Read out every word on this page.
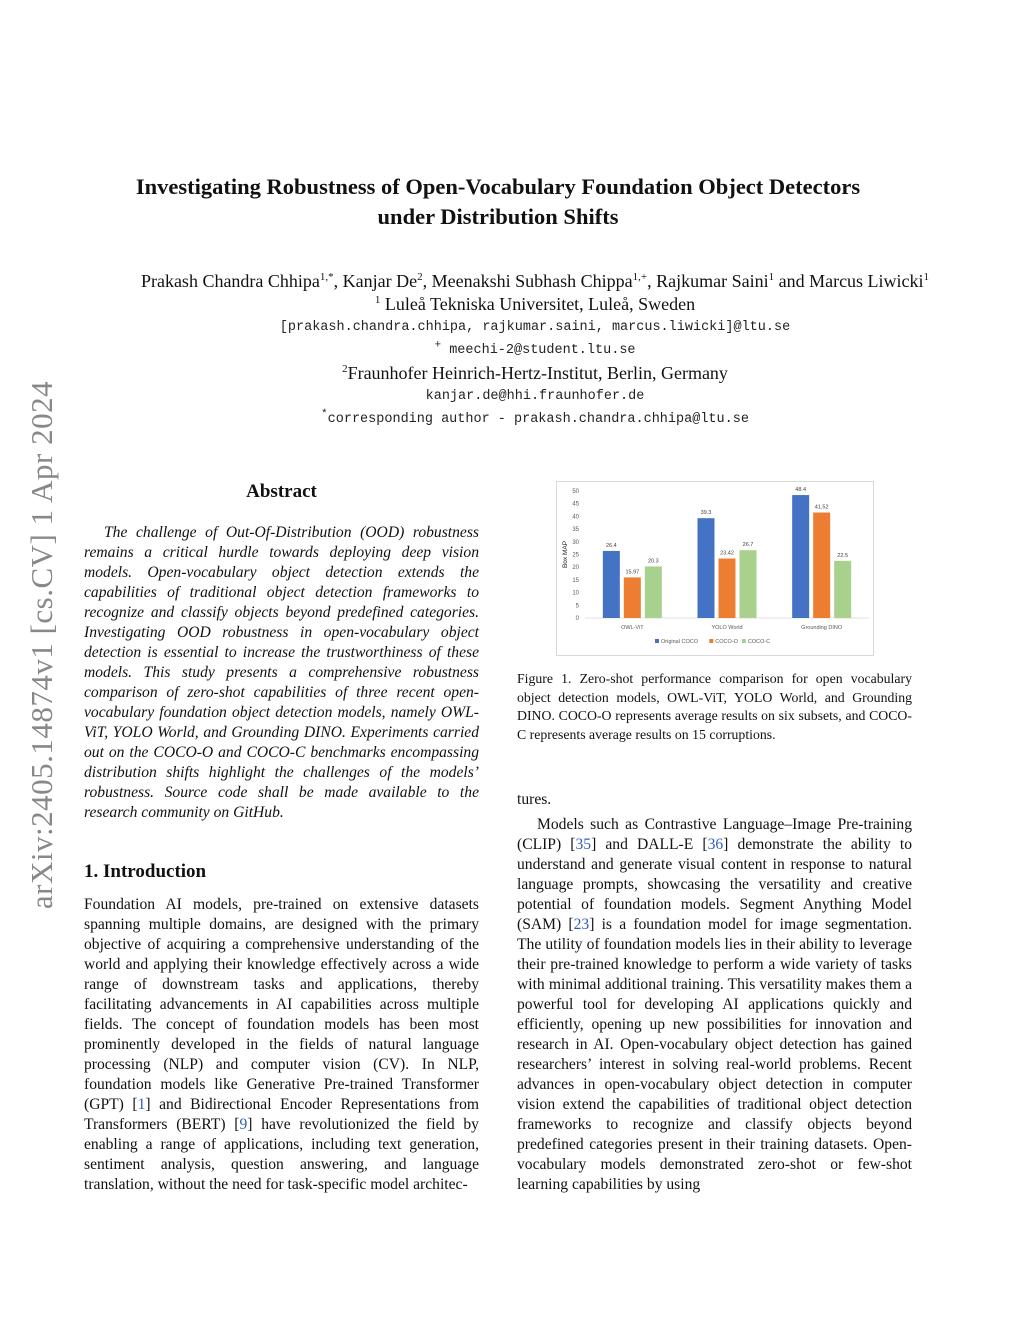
arXiv:2405.14874v1 [cs.CV] 1 Apr 2024
Investigating Robustness of Open-Vocabulary Foundation Object Detectors
under Distribution Shifts
Prakash Chandra Chhipa$^{1,*}$, Kanjar De$^2$, Meenakshi Subhash Chippa$^{1,+}$, Rajkumar Saini$^1$ and Marcus Liwicki$^1$
$^1$ Luleå Tekniska Universitet, Luleå, Sweden
[prakash.chandra.chhipa, rajkumar.saini, marcus.liwicki]@ltu.se
+ meechi-2@student.ltu.se
$^2$Fraunhofer Heinrich-Hertz-Institut, Berlin, Germany
kanjar.de@hhi.fraunhofer.de
*corresponding author - prakash.chandra.chhipa@ltu.se
Abstract
The challenge of Out-Of-Distribution (OOD) robustness remains a critical hurdle towards deploying deep vision models. Open-vocabulary object detection extends the capabilities of traditional object detection frameworks to recognize and classify objects beyond predefined categories. Investigating OOD robustness in open-vocabulary object detection is essential to increase the trustworthiness of these models. This study presents a comprehensive robustness comparison of zero-shot capabilities of three recent open-vocabulary foundation object detection models, namely OWL-ViT, YOLO World, and Grounding DINO. Experiments carried out on the COCO-O and COCO-C benchmarks encompassing distribution shifts highlight the challenges of the models’ robustness. Source code shall be made available to the research community on GitHub.
1. Introduction
Foundation AI models, pre-trained on extensive datasets spanning multiple domains, are designed with the primary objective of acquiring a comprehensive understanding of the world and applying their knowledge effectively across a wide range of downstream tasks and applications, thereby facilitating advancements in AI capabilities across multiple fields. The concept of foundation models has been most prominently developed in the fields of natural language processing (NLP) and computer vision (CV). In NLP, foundation models like Generative Pre-trained Transformer (GPT) [1] and Bidirectional Encoder Representations from Transformers (BERT) [9] have revolutionized the field by enabling a range of applications, including text generation, sentiment analysis, question answering, and language translation, without the need for task-specific model architec-
0
5
10
15
20
25
30
35
40
45
50
Box MAP	26.4
15.97
20.3
OWL-ViT
39.3
23.42
26.7
YOLO World
48.4
41.52
22.5
Grounding DINO
Original COCO	COCO-O COCO-C
Figure 1. Zero-shot performance comparison for open vocabulary object detection models, OWL-ViT, YOLO World, and Grounding DINO. COCO-O represents average results on six subsets, and COCO-C represents average results on 15 corruptions.
tures.
Models such as Contrastive Language–Image Pre-training (CLIP) [35] and DALL-E [36] demonstrate the ability to understand and generate visual content in response to natural language prompts, showcasing the versatility and creative potential of foundation models. Segment Anything Model (SAM) [23] is a foundation model for image segmentation. The utility of foundation models lies in their ability to leverage their pre-trained knowledge to perform a wide variety of tasks with minimal additional training. This versatility makes them a powerful tool for developing AI applications quickly and efficiently, opening up new possibilities for innovation and research in AI. Open-vocabulary object detection has gained researchers’ interest in solving real-world problems. Recent advances in open-vocabulary object detection in computer vision extend the capabilities of traditional object detection frameworks to recognize and classify objects beyond predefined categories present in their training datasets. Open-vocabulary models demonstrated zero-shot or few-shot learning capabilities by using
